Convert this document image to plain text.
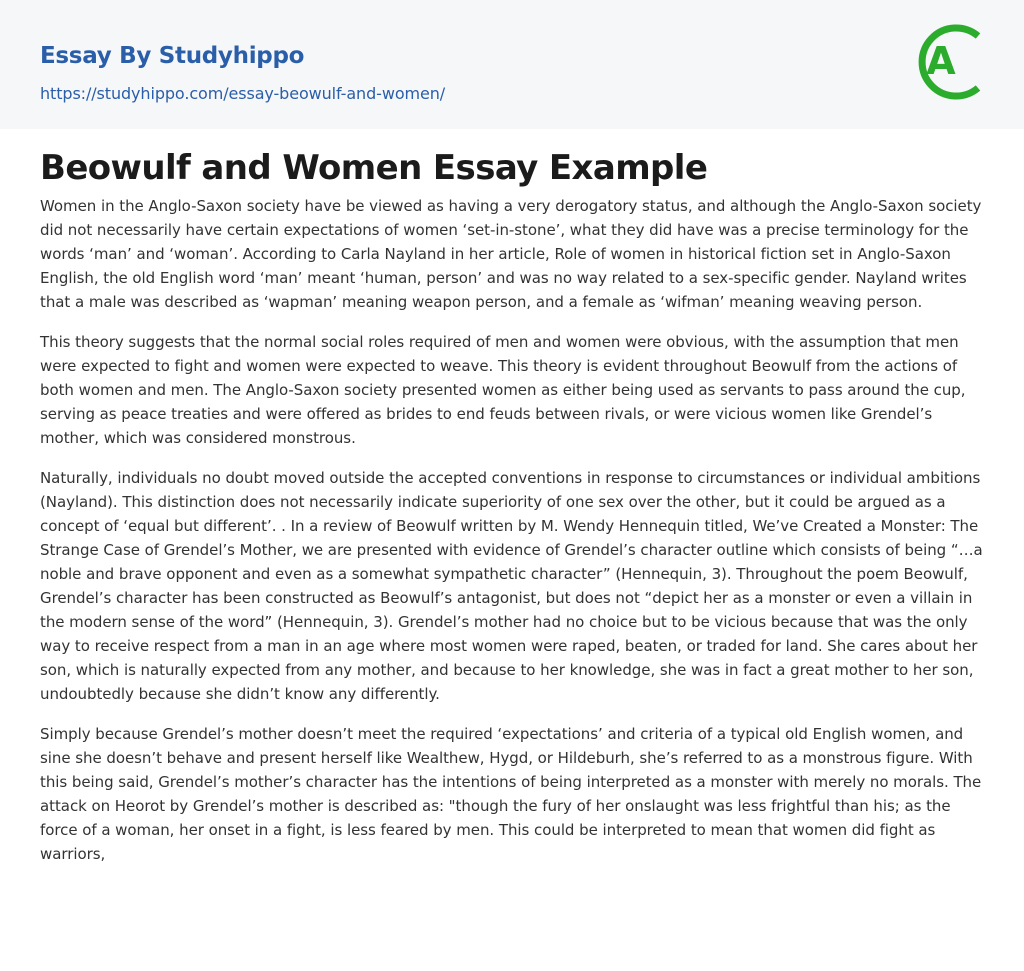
Essay By Studyhippo
https://studyhippo.com/essay-beowulf-and-women/
A
Beowulf and Women Essay Example

Women in the Anglo-Saxon society have be viewed as having a very derogatory status, and although the Anglo-Saxon society did not necessarily have certain expectations of women ‘set-in-stone’, what they did have was a precise terminology for the words ‘man’ and ‘woman’. According to Carla Nayland in her article, Role of women in historical fiction set in Anglo-Saxon English, the old English word ‘man’ meant ‘human, person’ and was no way related to a sex-specific gender. Nayland writes that a male was described as ‘wapman’ meaning weapon person, and a female as ‘wifman’ meaning weaving person.

This theory suggests that the normal social roles required of men and women were obvious, with the assumption that men were expected to fight and women were expected to weave. This theory is evident throughout Beowulf from the actions of both women and men. The Anglo-Saxon society presented women as either being used as servants to pass around the cup, serving as peace treaties and were offered as brides to end feuds between rivals, or were vicious women like Grendel’s mother, which was considered monstrous.

Naturally, individuals no doubt moved outside the accepted conventions in response to circumstances or individual ambitions (Nayland). This distinction does not necessarily indicate superiority of one sex over the other, but it could be argued as a concept of ‘equal but different’. . In a review of Beowulf written by M. Wendy Hennequin titled, We’ve Created a Monster: The Strange Case of Grendel’s Mother, we are presented with evidence of Grendel’s character outline which consists of being “…a noble and brave opponent and even as a somewhat sympathetic character” (Hennequin, 3). Throughout the poem Beowulf, Grendel’s character has been constructed as Beowulf’s antagonist, but does not “depict her as a monster or even a villain in the modern sense of the word” (Hennequin, 3). Grendel’s mother had no choice but to be vicious because that was the only way to receive respect from a man in an age where most women were raped, beaten, or traded for land. She cares about her son, which is naturally expected from any mother, and because to her knowledge, she was in fact a great mother to her son, undoubtedly because she didn’t know any differently.

Simply because Grendel’s mother doesn’t meet the required ‘expectations’ and criteria of a typical old English women, and sine she doesn’t behave and present herself like Wealthew, Hygd, or Hildeburh, she’s referred to as a monstrous figure. With this being said, Grendel’s mother’s character has the intentions of being interpreted as a monster with merely no morals. The attack on Heorot by Grendel’s mother is described as: "though the fury of her onslaught was less frightful than his; as the force of a woman, her onset in a fight, is less feared by men. This could be interpreted to mean that women did fight as warriors,
